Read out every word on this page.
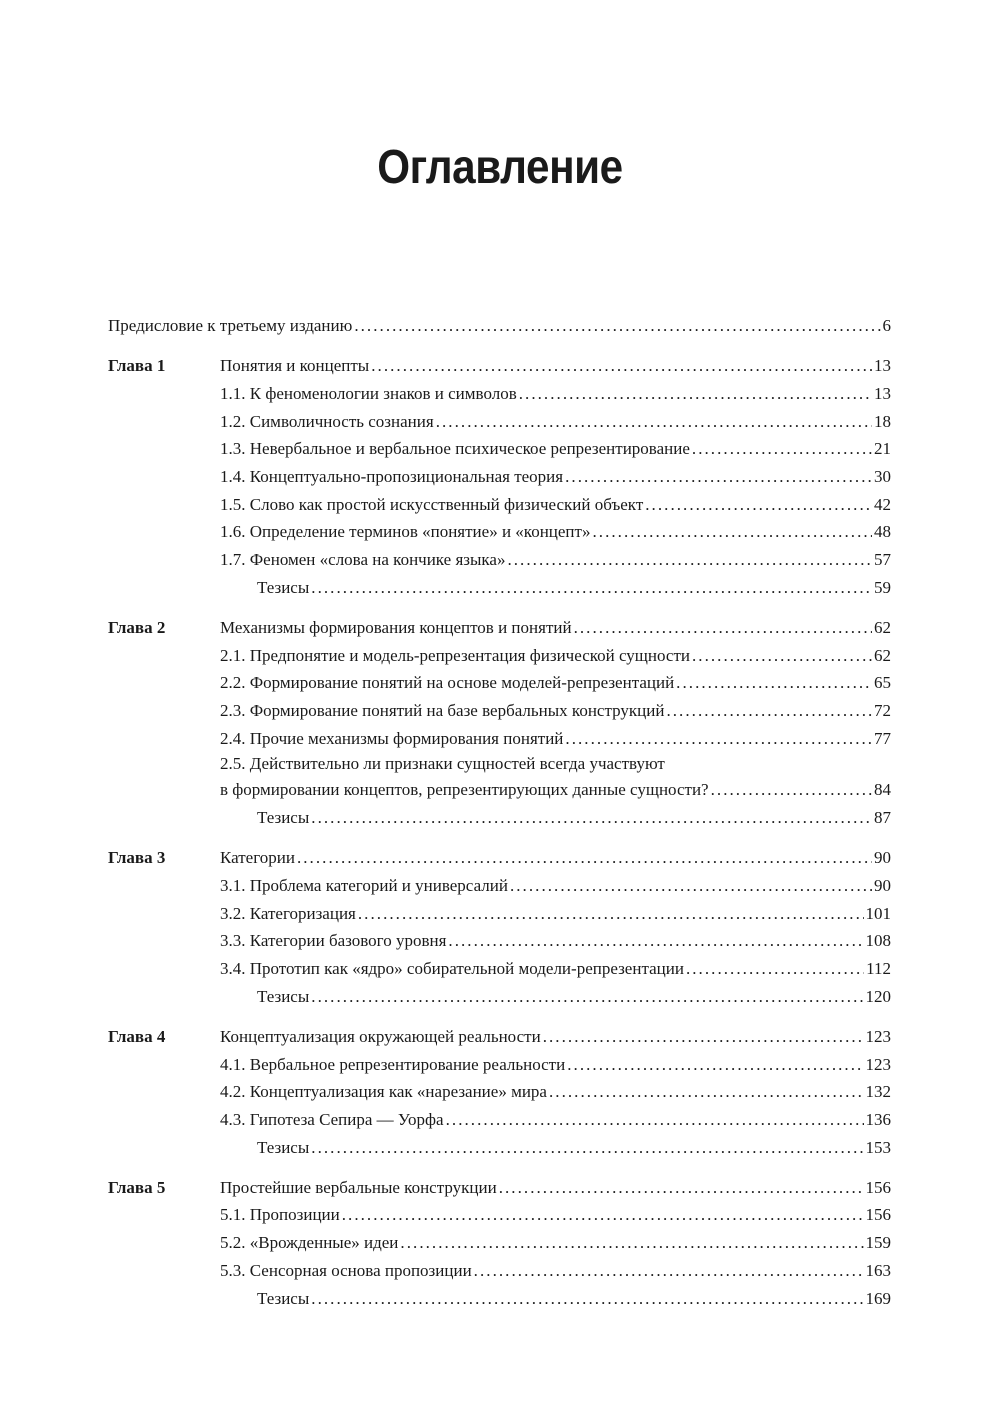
Оглавление
Предисловие к третьему изданию . . .	6
Глава 1	Понятия и концепты . . .	13
1.1. К феноменологии знаков и символов . . .	13
1.2. Символичность сознания . . .	18
1.3. Невербальное и вербальное психическое репрезентирование . . .	21
1.4. Концептуально-пропозициональная теория . . .	30
1.5. Слово как простой искусственный физический объект . . .	42
1.6. Определение терминов «понятие» и «концепт» . . .	48
1.7. Феномен «слова на кончике языка» . . .	57
Тезисы . . .	59
Глава 2	Механизмы формирования концептов и понятий . . .	62
2.1. Предпонятие и модель-репрезентация физической сущности . . .	62
2.2. Формирование понятий на основе моделей-репрезентаций . . .	65
2.3. Формирование понятий на базе вербальных конструкций . . .	72
2.4. Прочие механизмы формирования понятий . . .	77
2.5. Действительно ли признаки сущностей всегда участвуют
в формировании концептов, репрезентирующих данные сущности? . . .	84
Тезисы . . .	87
Глава 3	Категории . . .	90
3.1. Проблема категорий и универсалий . . .	90
3.2. Категоризация . . .	101
3.3. Категории базового уровня . . .	108
3.4. Прототип как «ядро» собирательной модели-репрезентации . . .	112
Тезисы . . .	120
Глава 4	Концептуализация окружающей реальности . . .	123
4.1. Вербальное репрезентирование реальности . . .	123
4.2. Концептуализация как «нарезание» мира . . .	132
4.3. Гипотеза Сепира — Уорфа . . .	136
Тезисы . . .	153
Глава 5	Простейшие вербальные конструкции . . .	156
5.1. Пропозиции . . .	156
5.2. «Врожденные» идеи . . .	159
5.3. Сенсорная основа пропозиции . . .	163
Тезисы . . .	169
